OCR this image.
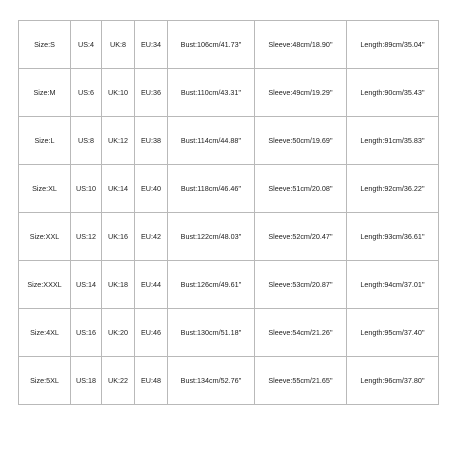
Size:S	US:4	UK:8	EU:34	Bust:106cm/41.73''	Sleeve:48cm/18.90''	Length:89cm/35.04''
Size:M	US:6	UK:10	EU:36	Bust:110cm/43.31''	Sleeve:49cm/19.29''	Length:90cm/35.43''
Size:L	US:8	UK:12	EU:38	Bust:114cm/44.88''	Sleeve:50cm/19.69''	Length:91cm/35.83''
Size:XL	US:10	UK:14	EU:40	Bust:118cm/46.46''	Sleeve:51cm/20.08''	Length:92cm/36.22''
Size:XXL	US:12	UK:16	EU:42	Bust:122cm/48.03''	Sleeve:52cm/20.47''	Length:93cm/36.61''
Size:XXXL	US:14	UK:18	EU:44	Bust:126cm/49.61''	Sleeve:53cm/20.87''	Length:94cm/37.01''
Size:4XL	US:16	UK:20	EU:46	Bust:130cm/51.18''	Sleeve:54cm/21.26''	Length:95cm/37.40''
Size:5XL	US:18	UK:22	EU:48	Bust:134cm/52.76''	Sleeve:55cm/21.65''	Length:96cm/37.80''
